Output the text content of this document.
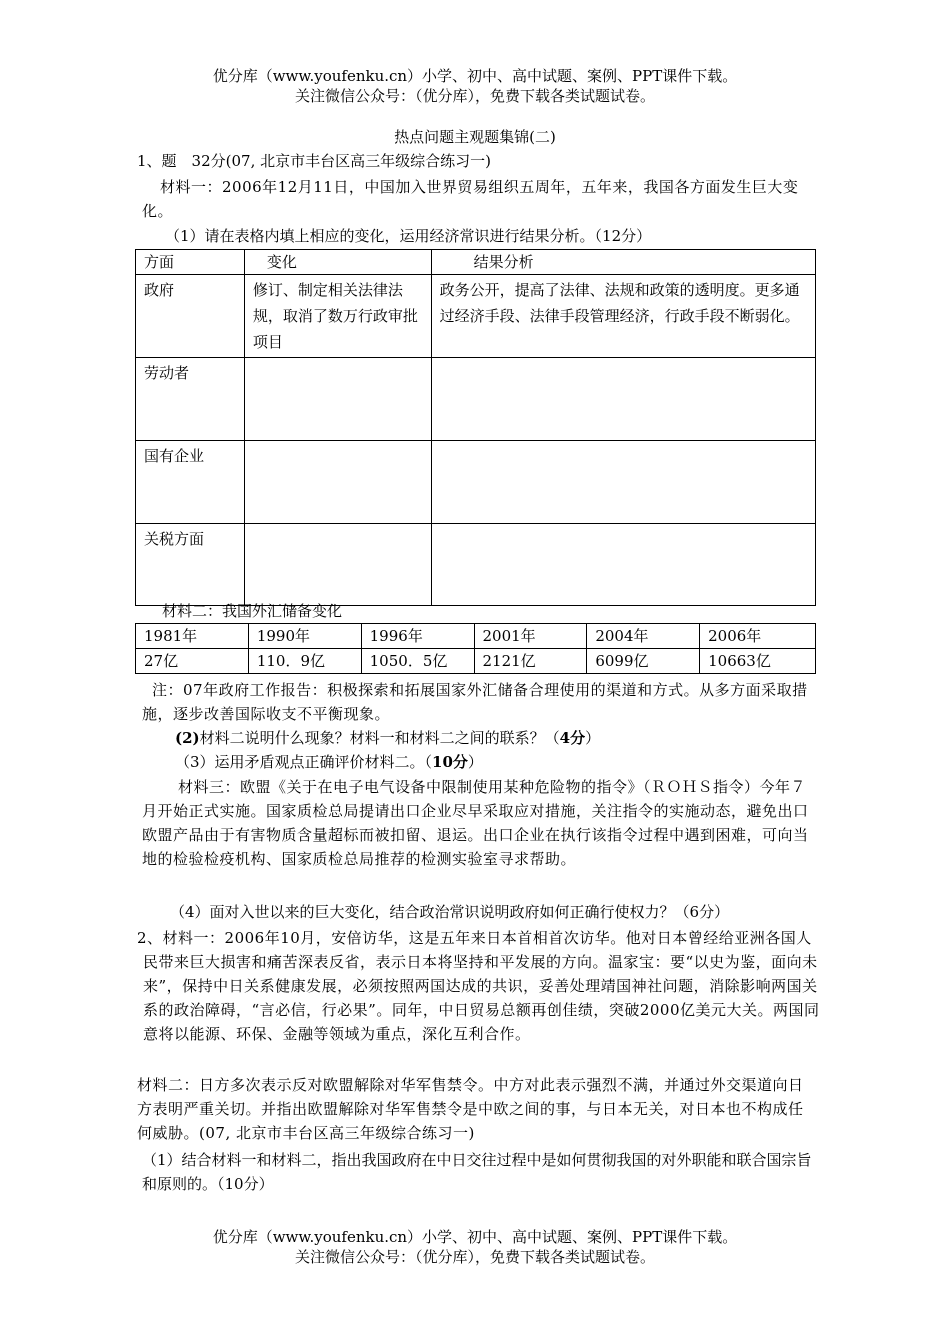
优分库（www.youfenku.cn）小学、初中、高中试题、案例、PPT课件下载。
关注微信公众号：（优分库），免费下载各类试题试卷。
热点问题主观题集锦(二)
1、题　32分(07, 北京市丰台区高三年级综合练习一)
材料一：2006年12月11日，中国加入世界贸易组织五周年，五年来，我国各方面发生巨大变化。
（1）请在表格内填上相应的变化，运用经济常识进行结果分析。（12分）
方面	变化	结果分析
政府	修订、制定相关法律法规，取消了数万行政审批项目	政务公开，提高了法律、法规和政策的透明度。更多通过经济手段、法律手段管理经济，行政手段不断弱化。
劳动者		
国有企业		
关税方面		
材料二：我国外汇储备变化
1981年	1990年	1996年	2001年	2004年	2006年
27亿	110．9亿	1050．5亿	2121亿	6099亿	10663亿
注：07年政府工作报告：积极探索和拓展国家外汇储备合理使用的渠道和方式。从多方面采取措施，逐步改善国际收支不平衡现象。
(2)材料二说明什么现象？材料一和材料二之间的联系？（4分）
（3）运用矛盾观点正确评价材料二。（10分）
材料三：欧盟《关于在电子电气设备中限制使用某种危险物的指令》（ＲＯＨＳ指令）今年７月开始正式实施。国家质检总局提请出口企业尽早采取应对措施，关注指令的实施动态，避免出口欧盟产品由于有害物质含量超标而被扣留、退运。出口企业在执行该指令过程中遇到困难，可向当地的检验检疫机构、国家质检总局推荐的检测实验室寻求帮助。
（4）面对入世以来的巨大变化，结合政治常识说明政府如何正确行使权力？（6分）
2、材料一：2006年10月，安倍访华，这是五年来日本首相首次访华。他对日本曾经给亚洲各国人民带来巨大损害和痛苦深表反省，表示日本将坚持和平发展的方向。温家宝：要“以史为鉴，面向未来”，保持中日关系健康发展，必须按照两国达成的共识，妥善处理靖国神社问题，消除影响两国关系的政治障碍，“言必信，行必果”。同年，中日贸易总额再创佳绩，突破2000亿美元大关。两国同意将以能源、环保、金融等领域为重点，深化互利合作。
材料二：日方多次表示反对欧盟解除对华军售禁令。中方对此表示强烈不满，并通过外交渠道向日方表明严重关切。并指出欧盟解除对华军售禁令是中欧之间的事，与日本无关，对日本也不构成任何威胁。(07, 北京市丰台区高三年级综合练习一)
（1）结合材料一和材料二，指出我国政府在中日交往过程中是如何贯彻我国的对外职能和联合国宗旨和原则的。（10分）
优分库（www.youfenku.cn）小学、初中、高中试题、案例、PPT课件下载。
关注微信公众号：（优分库），免费下载各类试题试卷。
